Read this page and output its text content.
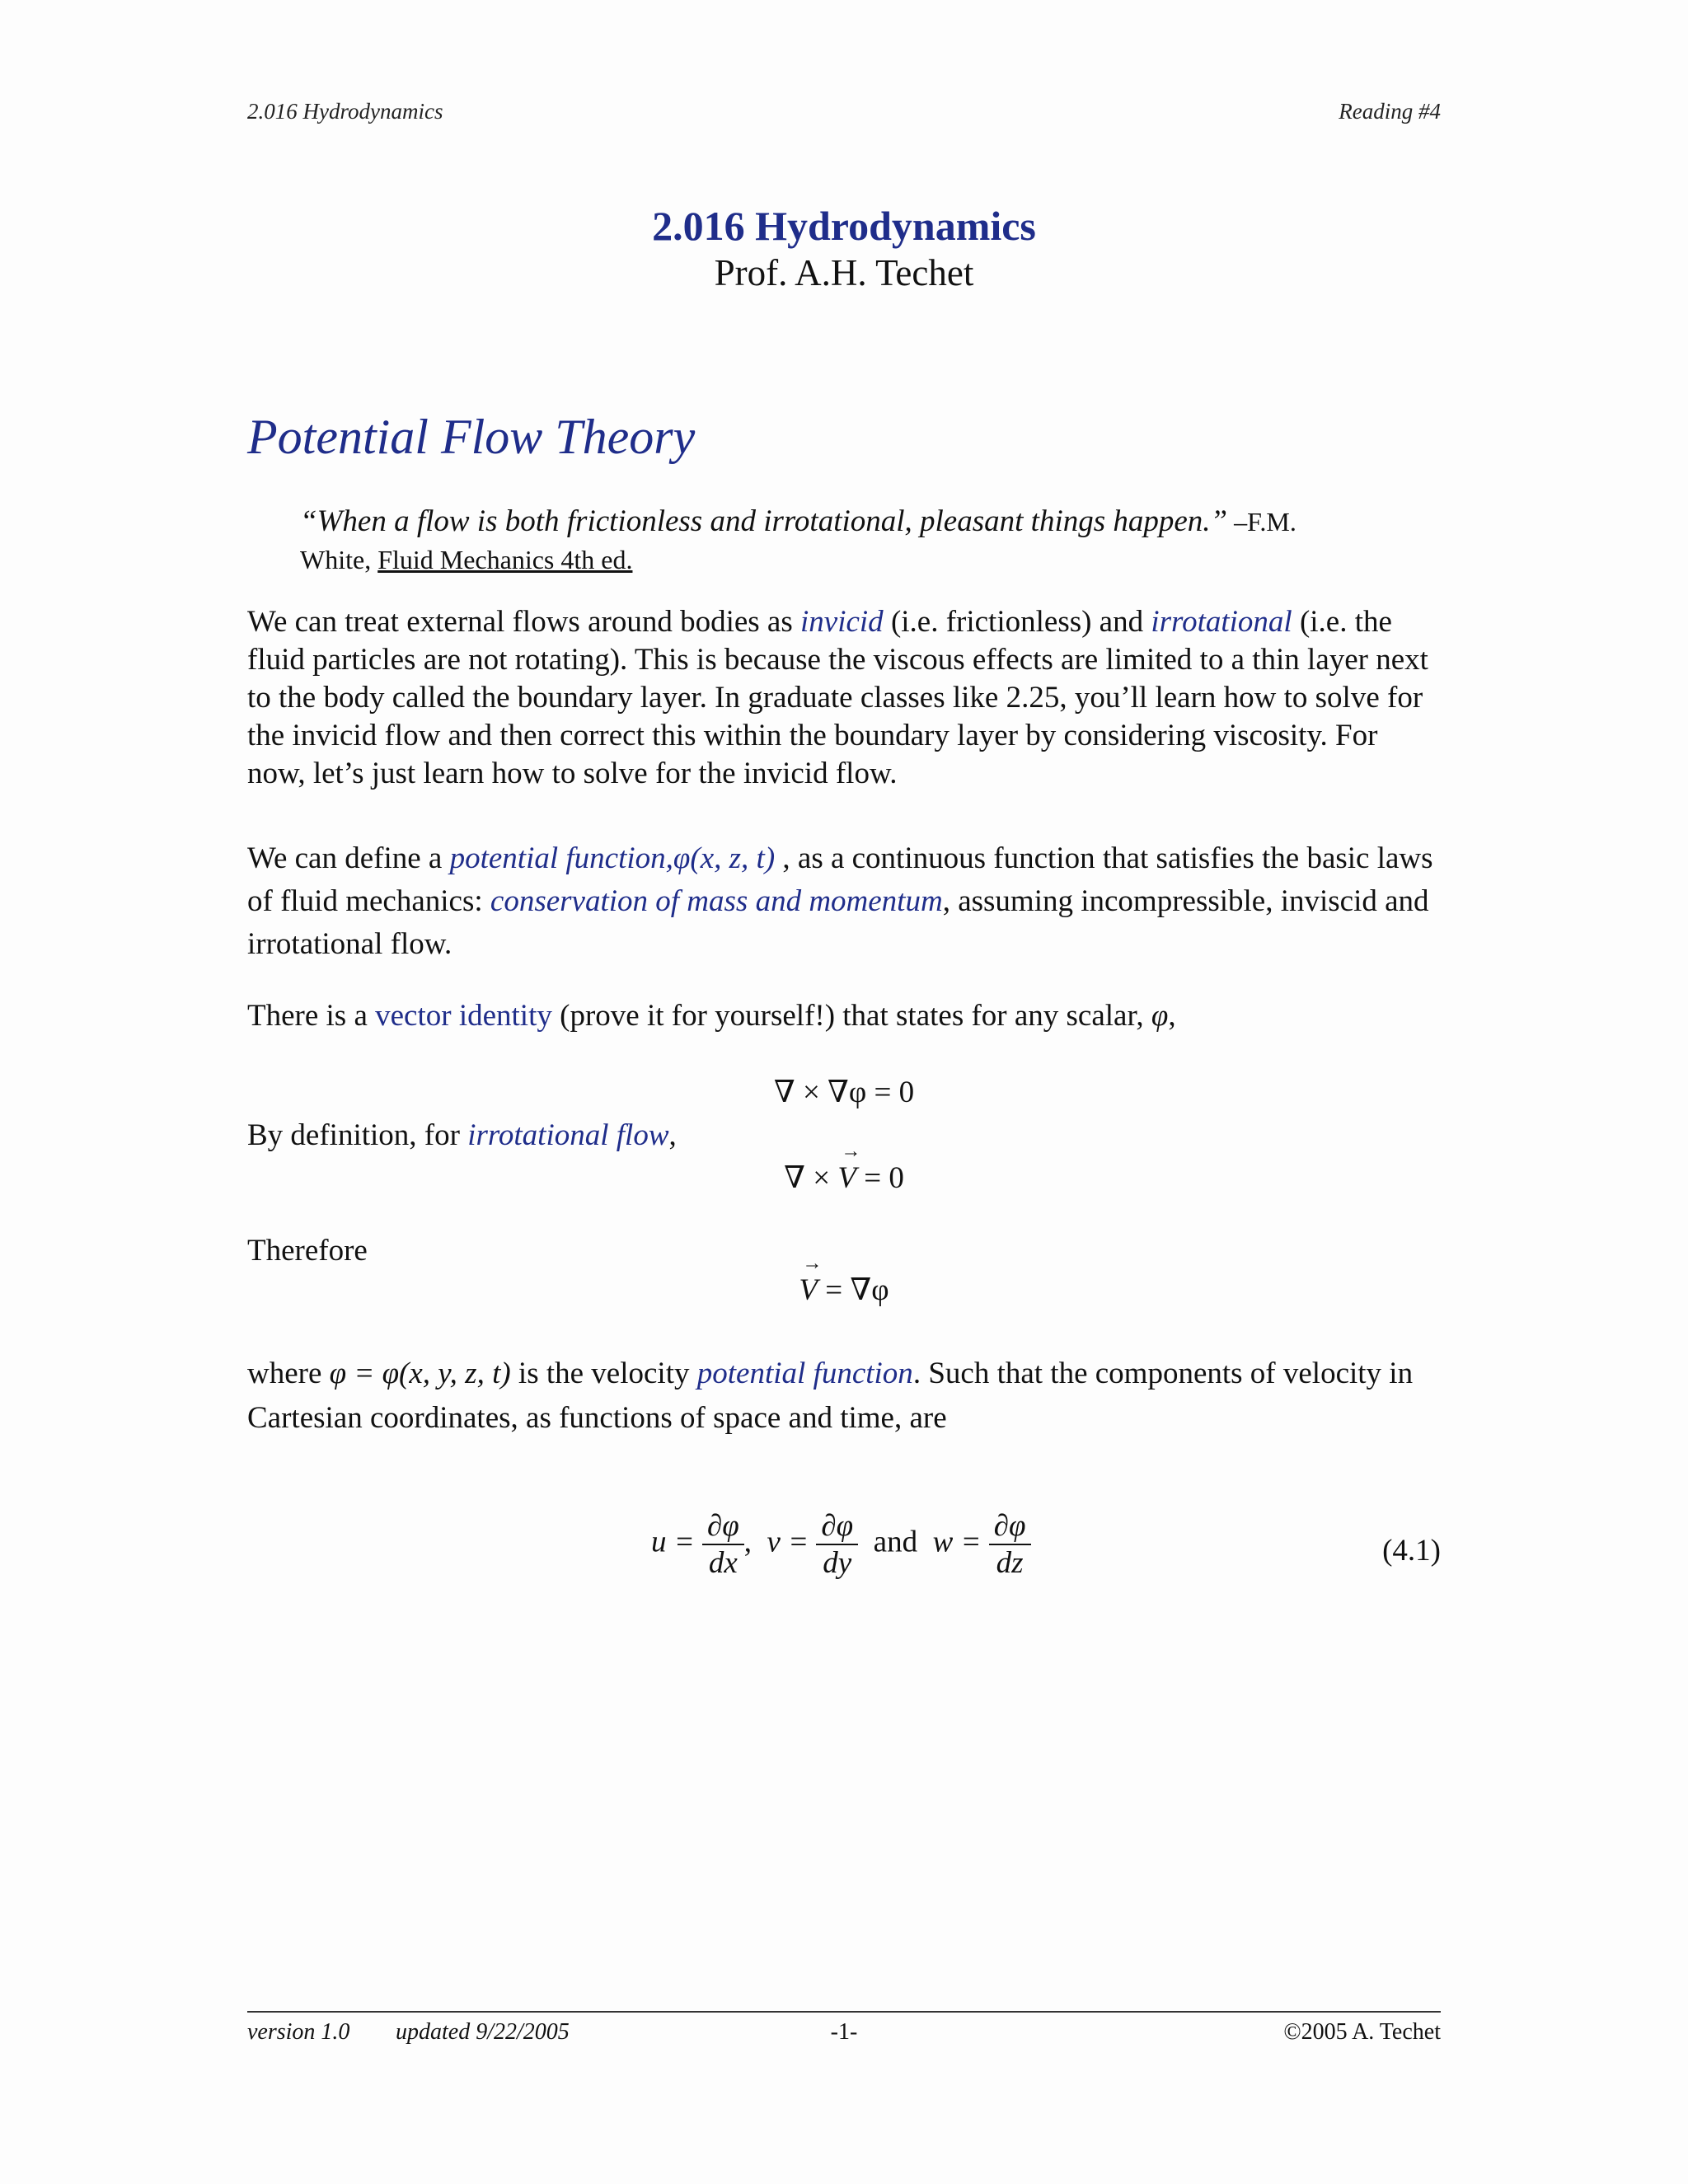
2.016 Hydrodynamics	Reading #4
2.016 Hydrodynamics
Prof. A.H. Techet
Potential Flow Theory
“When a flow is both frictionless and irrotational, pleasant things happen.” –F.M.
White, Fluid Mechanics 4th ed.
We can treat external flows around bodies as invicid (i.e. frictionless) and irrotational (i.e. the fluid particles are not rotating). This is because the viscous effects are limited to a thin layer next to the body called the boundary layer. In graduate classes like 2.25, you’ll learn how to solve for the invicid flow and then correct this within the boundary layer by considering viscosity. For now, let’s just learn how to solve for the invicid flow.
We can define a potential function,φ(x, z, t) , as a continuous function that satisfies the basic laws of fluid mechanics: conservation of mass and momentum, assuming incompressible, inviscid and irrotational flow.
There is a vector identity (prove it for yourself!) that states for any scalar, φ,
∇ × ∇φ = 0
By definition, for irrotational flow,
∇ × → V = 0
Therefore
→ V = ∇φ
where φ = φ(x, y, z, t) is the velocity potential function. Such that the components of velocity in Cartesian coordinates, as functions of space and time, are
$u = \frac{\partial\varphi}{dx}$ , $v = \frac{\partial\varphi}{dy}$ and $w = \frac{\partial\varphi}{dz}$	(4.1)
version 1.0 updated 9/22/2005	-1-	©2005 A. Techet
